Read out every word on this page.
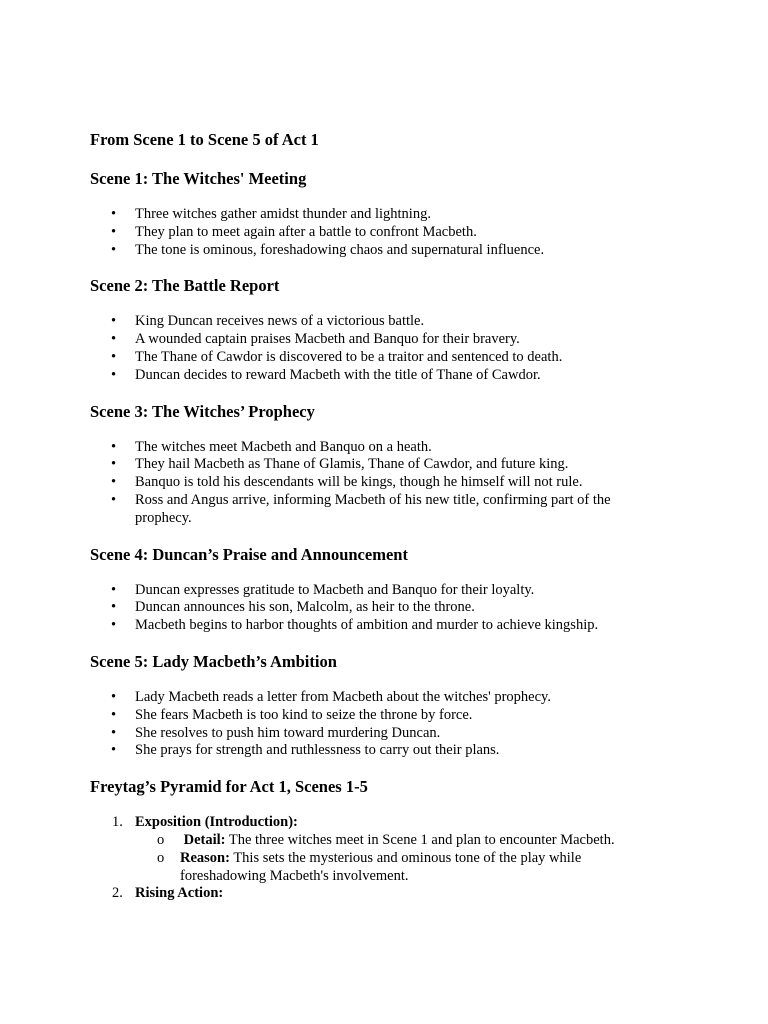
From Scene 1 to Scene 5 of Act 1
Scene 1: The Witches' Meeting
• Three witches gather amidst thunder and lightning.
• They plan to meet again after a battle to confront Macbeth.
• The tone is ominous, foreshadowing chaos and supernatural influence.
Scene 2: The Battle Report
• King Duncan receives news of a victorious battle.
• A wounded captain praises Macbeth and Banquo for their bravery.
• The Thane of Cawdor is discovered to be a traitor and sentenced to death.
• Duncan decides to reward Macbeth with the title of Thane of Cawdor.
Scene 3: The Witches’ Prophecy
• The witches meet Macbeth and Banquo on a heath.
• They hail Macbeth as Thane of Glamis, Thane of Cawdor, and future king.
• Banquo is told his descendants will be kings, though he himself will not rule.
• Ross and Angus arrive, informing Macbeth of his new title, confirming part of the prophecy.
Scene 4: Duncan’s Praise and Announcement
• Duncan expresses gratitude to Macbeth and Banquo for their loyalty.
• Duncan announces his son, Malcolm, as heir to the throne.
• Macbeth begins to harbor thoughts of ambition and murder to achieve kingship.
Scene 5: Lady Macbeth’s Ambition
• Lady Macbeth reads a letter from Macbeth about the witches' prophecy.
• She fears Macbeth is too kind to seize the throne by force.
• She resolves to push him toward murdering Duncan.
• She prays for strength and ruthlessness to carry out their plans.
Freytag’s Pyramid for Act 1, Scenes 1-5
1. Exposition (Introduction):
o Detail: The three witches meet in Scene 1 and plan to encounter Macbeth.
o Reason: This sets the mysterious and ominous tone of the play while foreshadowing Macbeth's involvement.
2. Rising Action:
